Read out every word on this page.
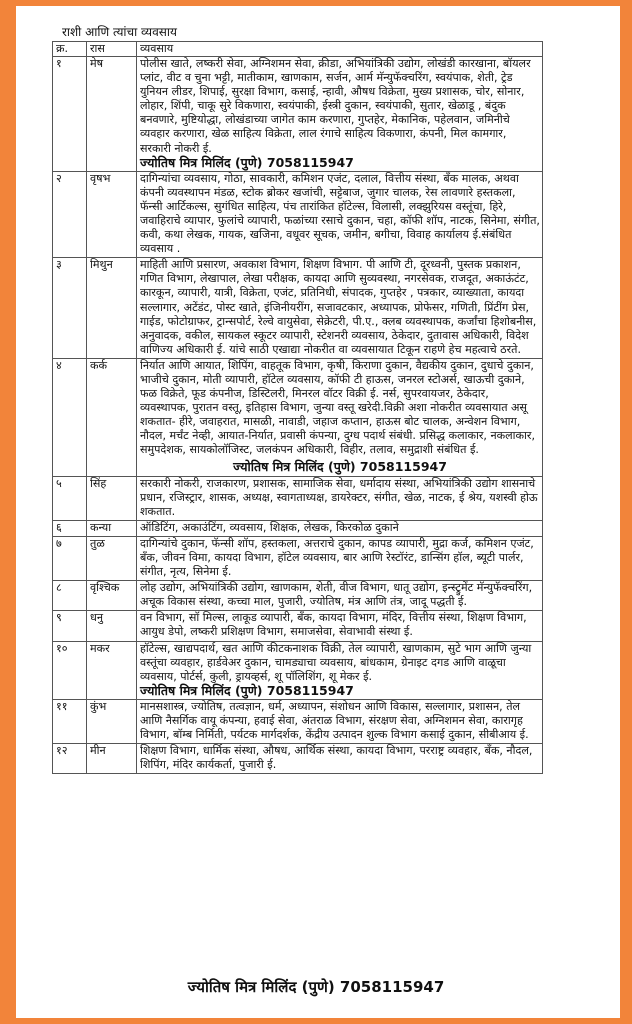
राशी आणि त्यांचा व्यवसाय
क्र.	रास	व्यवसाय
१	मेष	पोलीस खाते, लष्करी सेवा, अग्निशमन सेवा, क्रीडा, अभियांत्रिकी उद्योग, लोखंडी कारखाना, बॉयलर प्लांट, वीट व चुना भट्टी, मातीकाम, खाणकाम, सर्जन, आर्म मॅन्युफॅक्चरिंग, स्वयंपाक, शेती, ट्रेड युनियन लीडर, शिपाई, सुरक्षा विभाग, कसाई, न्हावी, औषध विक्रेता, मुख्य प्रशासक, चोर, सोनार, लोहार, शिंपी, चाकू सुरे विकणारा, स्वयंपाकी, ईस्त्री दुकान, स्वयंपाकी, सुतार, खेळाडू , बंदुक बनवणारे, मुष्टियोद्धा, लोखंडाच्या जागेत काम करणारा, गुप्तहेर, मेकानिक, पहेलवान, जमिनीचे व्यवहार करणारा, खेळ साहित्य विक्रेता, लाल रंगाचे साहित्य विकणारा, कंपनी, मिल कामगार, सरकारी नोकरी ई.
ज्योतिष मित्र मिलिंद (पुणे) 7058115947

२	वृषभ	दागिन्यांचा व्यवसाय, गोठा, सावकारी, कमिशन एजंट, दलाल, वित्तीय संस्था, बँक मालक, अथवा कंपनी व्यवस्थापन मंडळ, स्टोक ब्रोकर खजांची, सट्टेबाज, जुगार चालक, रेस लावणारे हस्तकला, फॅन्सी आर्टिकल्स, सुगंधित साहित्य, पंच तारांकित हॉटेल्स, विलासी, लक्झुरियस वस्तूंचा, हिरे, जवाहिराचे व्यापार, फुलांचे व्यापारी, फळांच्या रसाचे दुकान, चहा, कॉफी शॉप, नाटक, सिनेमा, संगीत, कवी, कथा लेखक, गायक, खजिना, वधूवर सूचक, जमीन, बगीचा, विवाह कार्यालय ई.संबंधित व्यवसाय .
३	मिथुन	माहिती आणि प्रसारण, अवकाश विभाग, शिक्षण विभाग. पी आणि टी, दूरध्वनी, पुस्तक प्रकाशन, गणित विभाग, लेखापाल, लेखा परीक्षक, कायदा आणि सुव्यवस्था, नगरसेवक, राजदूत, अकाऊंटंट, कारकून, व्यापारी, यात्री, विक्रेता, एजंट, प्रतिनिधी, संपादक, गुप्तहेर , पत्रकार, व्याख्याता, कायदा सल्लागार, अटेंडंट, पोस्ट खाते, इंजिनीयरींग, सजावटकार, अध्यापक, प्रोफेसर, गणिती, प्रिंटींग प्रेस, गाईड, फोटोग्राफर, ट्रान्सपोर्ट, रेल्वे वायुसेवा, सेक्रेटरी, पी.ए., क्लब व्यवस्थापक, कर्जांचा हिशोबनीस, अनुवादक, वकील, सायकल स्कूटर व्यापारी, स्टेशनरी व्यवसाय, ठेकेदार, दुतावास अधिकारी, विदेश वाणिज्य अधिकारी ई. यांचे साठी एखाद्या नोकरीत वा व्यवसायात टिकून राहणे हेच महत्वाचे ठरते.
४	कर्क	निर्यात आणि आयात, शिपिंग, वाहतूक विभाग, कृषी, किराणा दुकान, वैद्यकीय दुकान, दुधाचे दुकान, भाजीचे दुकान, मोती व्यापारी, हॉटेल व्यवसाय, कॉफी टी हाऊस, जनरल स्टोअर्स, खाऊची दुकाने, फळ विक्रेते, फूड कंपनीज, डिस्टिलरी, मिनरल वॉटर विक्री ई. नर्स, सुपरवायजर, ठेकेदार, व्यवस्थापक, पुरातन वस्तू, इतिहास विभाग, जुन्या वस्तू खरेदी.विक्री अशा नोकरीत व्यवसायात असू शकतात- हीरे, जवाहरात, मासळी, नावाडी, जहाज कप्तान, हाऊस बोट चालक, अन्वेशन विभाग, नौदल, मर्चंट नेव्ही, आयात-निर्यात, प्रवासी कंपन्या, दुग्ध पदार्थ संबंधी. प्रसिद्ध कलाकार, नकलाकार, समुपदेशक, सायकोलॉजिस्ट, जलकंपन अधिकारी, विहीर, तलाव, समुद्राशी संबंधित ई.
ज्योतिष मित्र मिलिंद (पुणे) 7058115947

५	सिंह	सरकारी नोकरी, राजकारण, प्रशासक, सामाजिक सेवा, धर्मादाय संस्था, अभियांत्रिकी उद्योग शासनाचे प्रधान, रजिस्ट्रार, शासक, अध्यक्ष, स्वागताध्यक्ष, डायरेक्टर, संगीत, खेळ, नाटक, ई श्रेय, यशस्वी होऊ शकतात.
६	कन्या	ऑडिटिंग, अकाउंटिंग, व्यवसाय, शिक्षक, लेखक, किरकोळ दुकाने
७	तुळ	दागिन्यांचे दुकान, फॅन्सी शॉप, हस्तकला, अत्तराचे दुकान, कापड व्यापारी, मुद्रा कर्ज, कमिशन एजंट, बँक, जीवन विमा, कायदा विभाग, हॉटेल व्यवसाय, बार आणि रेस्टॉरंट, डान्सिंग हॉल, ब्यूटी पार्लर, संगीत, नृत्य, सिनेमा ई.
८	वृश्चिक	लोह उद्योग, अभियांत्रिकी उद्योग, खाणकाम, शेती, वीज विभाग, धातू उद्योग, इन्स्ट्रुमेंट मॅन्युफॅक्चरिंग, अचूक विकास संस्था, कच्चा माल, पुजारी, ज्योतिष, मंत्र आणि तंत्र, जादू पद्धती ई.
९	धनु	वन विभाग, सॉ मिल्स, लाकूड व्यापारी, बँक, कायदा विभाग, मंदिर, वित्तीय संस्था, शिक्षण विभाग, आयुध डेपो, लष्करी प्रशिक्षण विभाग, समाजसेवा, सेवाभावी संस्था ई.
१०	मकर	हॉटेल्स, खाद्यपदार्थ, खत आणि कीटकनाशक विक्री, तेल व्यापारी, खाणकाम, सुटे भाग आणि जुन्या वस्तूंचा व्यवहार, हार्डवेअर दुकान, चामड्याचा व्यवसाय, बांधकाम, ग्रेनाइट दगड आणि वाळूचा व्यवसाय, पोर्टर्स, कुली, ड्रायव्हर्स, शू पॉलिशिंग, शू मेकर ई.
ज्योतिष मित्र मिलिंद (पुणे) 7058115947

११	कुंभ	मानसशास्त्र, ज्योतिष, तत्वज्ञान, धर्म, अध्यापन, संशोधन आणि विकास, सल्लागार, प्रशासन, तेल आणि नैसर्गिक वायू कंपन्या, हवाई सेवा, अंतराळ विभाग, संरक्षण सेवा, अग्निशमन सेवा, कारागृह विभाग, बॉम्ब निर्मिती, पर्यटक मार्गदर्शक, केंद्रीय उत्पादन शुल्क विभाग कसाई दुकान, सीबीआय ई.
१२	मीन	शिक्षण विभाग, धार्मिक संस्था, औषध, आर्थिक संस्था, कायदा विभाग, परराष्ट्र व्यवहार, बँक, नौदल, शिपिंग, मंदिर कार्यकर्ता, पुजारी ई.
ज्योतिष मित्र मिलिंद (पुणे) 7058115947
